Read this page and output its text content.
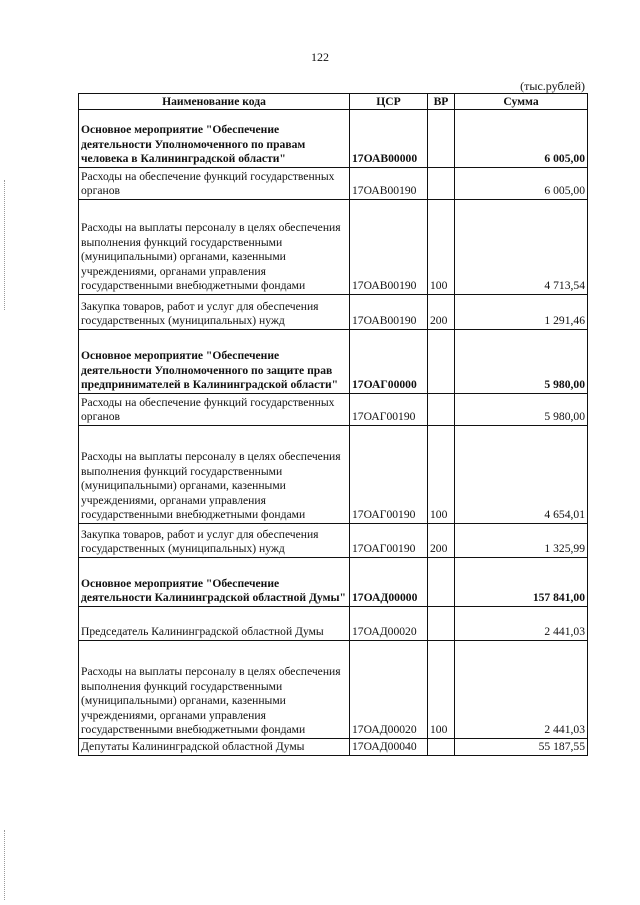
122
(тыс.рублей)
Наименование кода	ЦСР	ВР	Сумма
Основное мероприятие "Обеспечение деятельности Уполномоченного по правам человека в Калининградской области"	17ОАВ00000		6 005,00
Расходы на обеспечение функций государственных органов	17ОАВ00190		6 005,00
Расходы на выплаты персоналу в целях обеспечения выполнения функций государственными (муниципальными) органами, казенными учреждениями, органами управления государственными внебюджетными фондами	17ОАВ00190	100	4 713,54
Закупка товаров, работ и услуг для обеспечения государственных (муниципальных) нужд	17ОАВ00190	200	1 291,46
Основное мероприятие "Обеспечение деятельности Уполномоченного по защите прав предпринимателей в Калининградской области"	17ОАГ00000		5 980,00
Расходы на обеспечение функций государственных органов	17ОАГ00190		5 980,00
Расходы на выплаты персоналу в целях обеспечения выполнения функций государственными (муниципальными) органами, казенными учреждениями, органами управления государственными внебюджетными фондами	17ОАГ00190	100	4 654,01
Закупка товаров, работ и услуг для обеспечения государственных (муниципальных) нужд	17ОАГ00190	200	1 325,99
Основное мероприятие "Обеспечение деятельности Калининградской областной Думы"	17ОАД00000		157 841,00
Председатель Калининградской областной Думы	17ОАД00020		2 441,03
Расходы на выплаты персоналу в целях обеспечения выполнения функций государственными (муниципальными) органами, казенными учреждениями, органами управления государственными внебюджетными фондами	17ОАД00020	100	2 441,03
Депутаты Калининградской областной Думы	17ОАД00040		55 187,55
